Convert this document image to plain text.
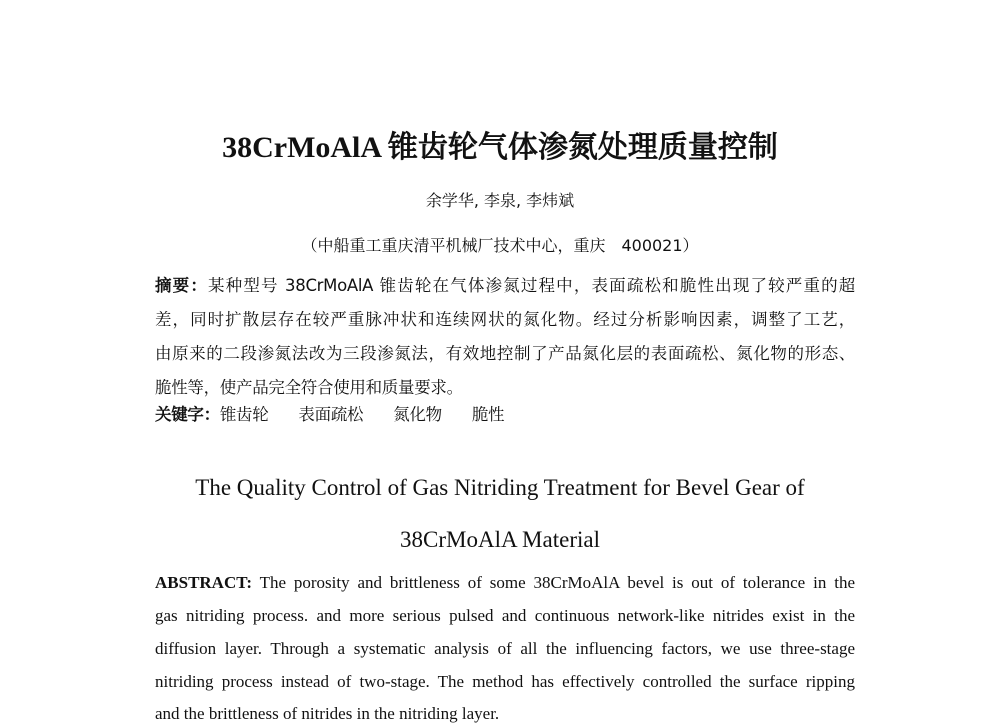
38CrMoAlA 锥齿轮气体渗氮处理质量控制
余学华, 李泉, 李炜斌
（中船重工重庆清平机械厂技术中心，重庆　400021）
摘要：某种型号 38CrMoAlA 锥齿轮在气体渗氮过程中，表面疏松和脆性出现了较严重的超
差，同时扩散层存在较严重脉冲状和连续网状的氮化物。经过分析影响因素，调整了工艺，
由原来的二段渗氮法改为三段渗氮法，有效地控制了产品氮化层的表面疏松、氮化物的形态、
脆性等，使产品完全符合使用和质量要求。
关键字：锥齿轮 表面疏松 氮化物 脆性
The Quality Control of Gas Nitriding Treatment for Bevel Gear of
38CrMoAlA Material
ABSTRACT: The porosity and brittleness of some 38CrMoAlA bevel is out of tolerance in the
gas nitriding process. and more serious pulsed and continuous network-like nitrides exist in the
diffusion layer. Through a systematic analysis of all the influencing factors, we use three-stage
nitriding process instead of two-stage. The method has effectively controlled the surface ripping
and the brittleness of nitrides in the nitriding layer.
